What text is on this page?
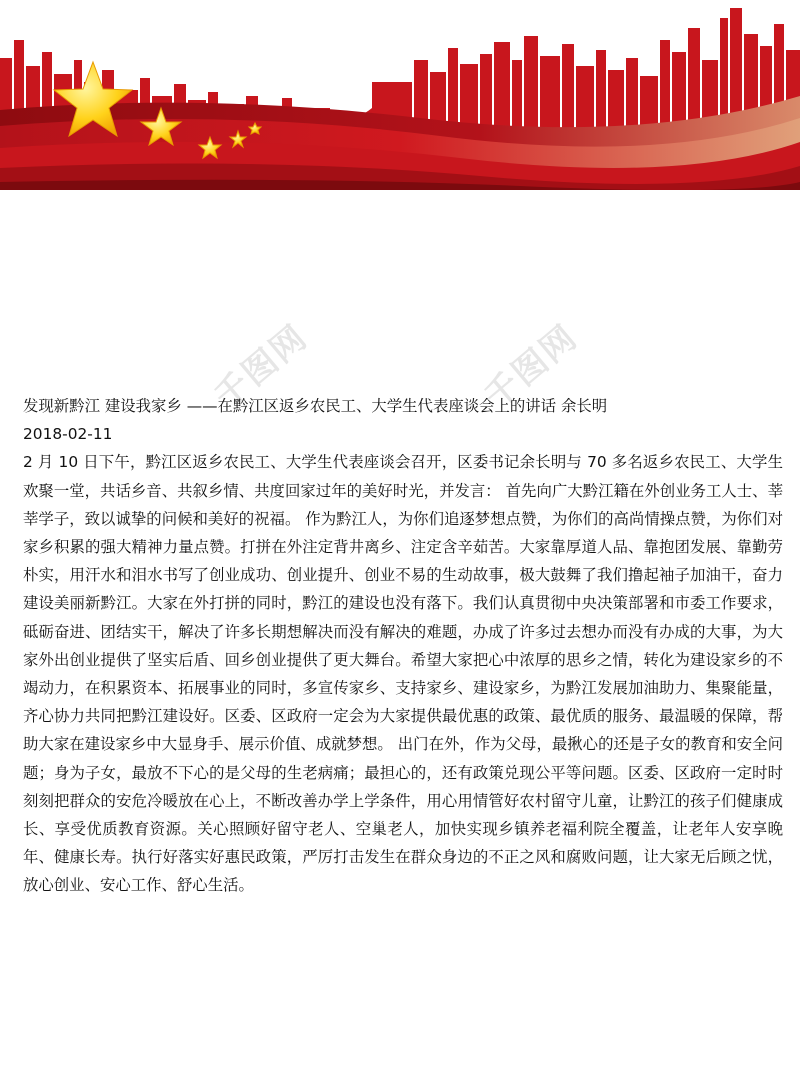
千图网	千图网

发现新黔江 建设我家乡 ——在黔江区返乡农民工、大学生代表座谈会上的讲话 余长明

2018-02-11

2 月 10 日下午，黔江区返乡农民工、大学生代表座谈会召开，区委书记余长明与 70 多名返乡农民工、大学生欢聚一堂，共话乡音、共叙乡情、共度回家过年的美好时光，并发言： 首先向广大黔江籍在外创业务工人士、莘莘学子，致以诚挚的问候和美好的祝福。 作为黔江人，为你们追逐梦想点赞，为你们的高尚情操点赞，为你们对家乡积累的强大精神力量点赞。打拼在外注定背井离乡、注定含辛茹苦。大家靠厚道人品、靠抱团发展、靠勤劳朴实，用汗水和泪水书写了创业成功、创业提升、创业不易的生动故事，极大鼓舞了我们撸起袖子加油干，奋力建设美丽新黔江。大家在外打拼的同时，黔江的建设也没有落下。我们认真贯彻中央决策部署和市委工作要求，砥砺奋进、团结实干，解决了许多长期想解决而没有解决的难题，办成了许多过去想办而没有办成的大事，为大家外出创业提供了坚实后盾、回乡创业提供了更大舞台。希望大家把心中浓厚的思乡之情，转化为建设家乡的不竭动力，在积累资本、拓展事业的同时，多宣传家乡、支持家乡、建设家乡，为黔江发展加油助力、集聚能量，齐心协力共同把黔江建设好。区委、区政府一定会为大家提供最优惠的政策、最优质的服务、最温暖的保障，帮助大家在建设家乡中大显身手、展示价值、成就梦想。 出门在外，作为父母，最揪心的还是子女的教育和安全问题；身为子女，最放不下心的是父母的生老病痛；最担心的，还有政策兑现公平等问题。区委、区政府一定时时刻刻把群众的安危冷暖放在心上，不断改善办学上学条件，用心用情管好农村留守儿童，让黔江的孩子们健康成长、享受优质教育资源。关心照顾好留守老人、空巢老人，加快实现乡镇养老福利院全覆盖，让老年人安享晚年、健康长寿。执行好落实好惠民政策，严厉打击发生在群众身边的不正之风和腐败问题，让大家无后顾之忧，放心创业、安心工作、舒心生活。
